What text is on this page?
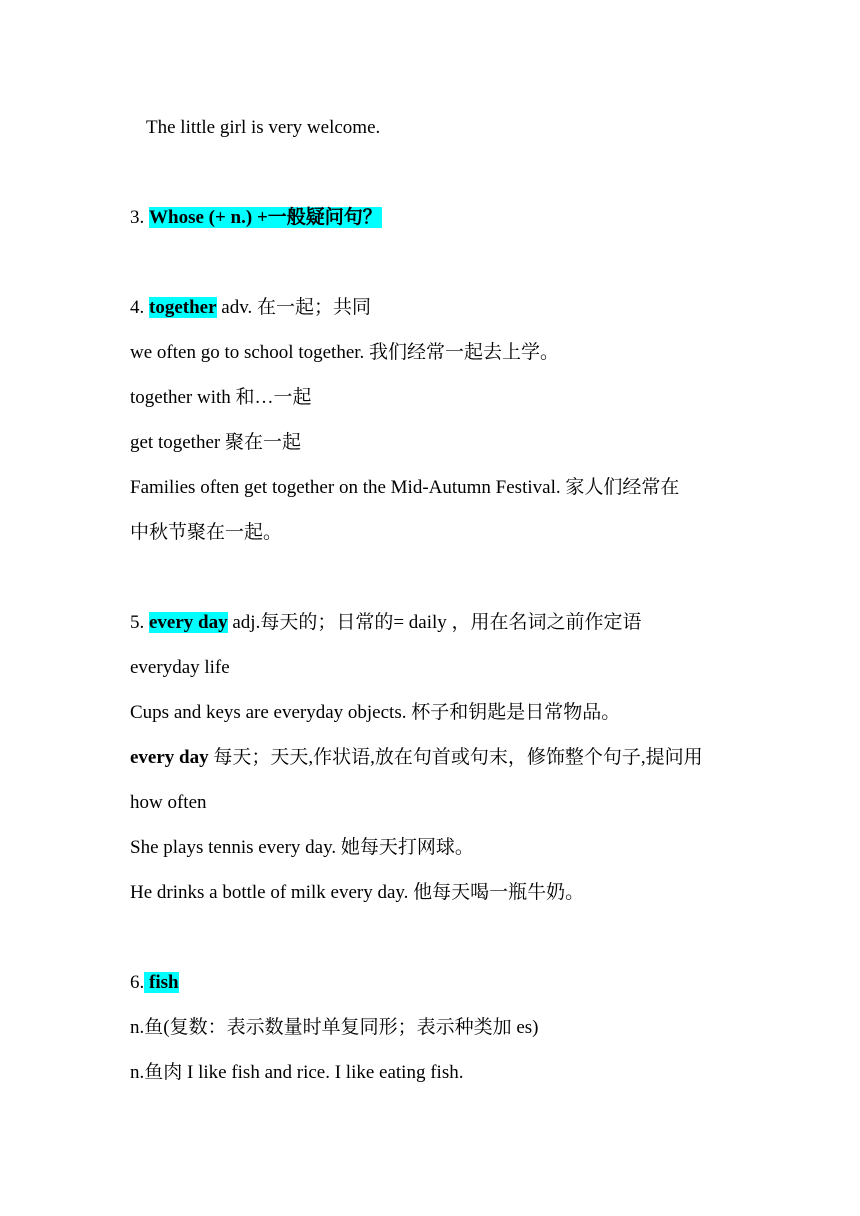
The little girl is very welcome.
3. Whose (+ n.) +一般疑问句？
4. together adv. 在一起；共同
we often go to school together. 我们经常一起去上学。
together with 和…一起
get together 聚在一起
Families often get together on the Mid-Autumn Festival. 家人们经常在
中秋节聚在一起。
5. every day adj.每天的；日常的= daily ，用在名词之前作定语
everyday life
Cups and keys are everyday objects. 杯子和钥匙是日常物品。
every day 每天；天天,作状语,放在句首或句末，修饰整个句子,提问用
how often
She plays tennis every day. 她每天打网球。
He drinks a bottle of milk every day. 他每天喝一瓶牛奶。
6. fish
n.鱼(复数：表示数量时单复同形；表示种类加 es)
n.鱼肉 I like fish and rice. I like eating fish.
